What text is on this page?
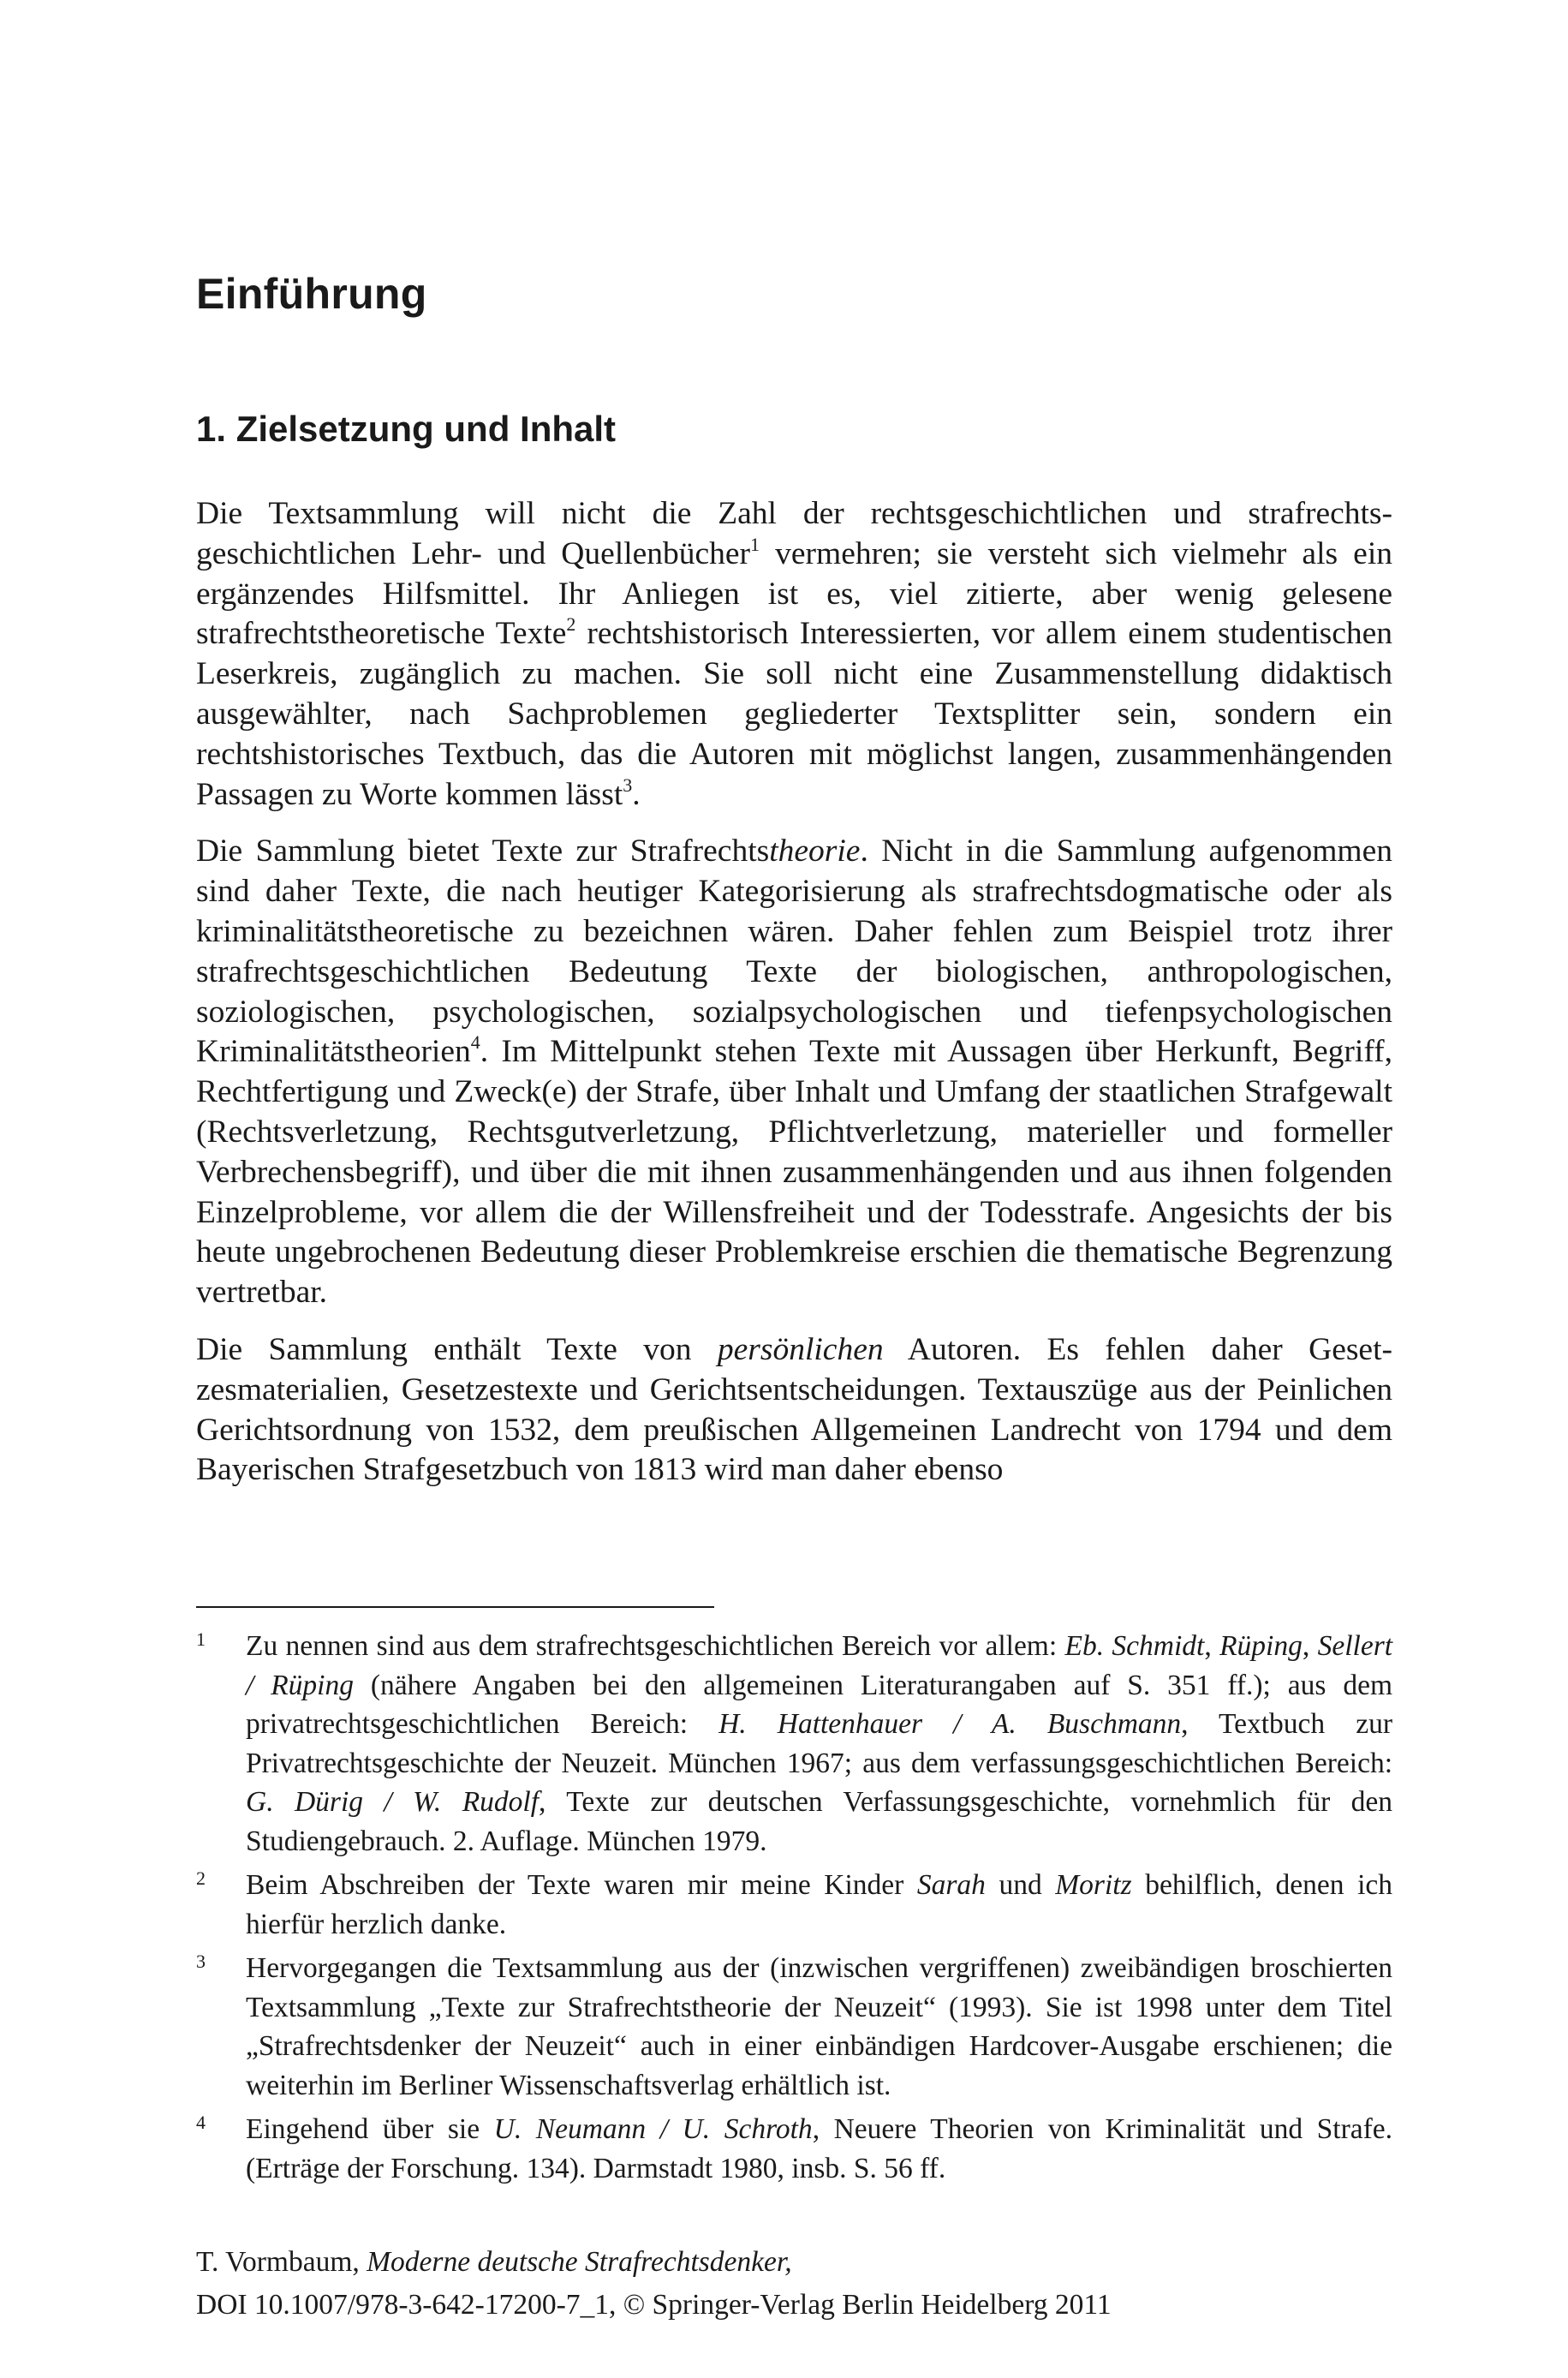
Einführung
1. Zielsetzung und Inhalt

Die Textsammlung will nicht die Zahl der rechtsgeschichtlichen und strafrechtsgeschichtlichen Lehr- und Quellenbücher$^1$ vermehren; sie versteht sich vielmehr als ein ergänzendes Hilfsmittel. Ihr Anliegen ist es, viel zitierte, aber wenig gelesene strafrechtstheoretische Texte$^2$ rechtshistorisch Interessierten, vor allem einem studentischen Leserkreis, zugänglich zu machen. Sie soll nicht eine Zusammenstellung didaktisch ausgewählter, nach Sachproblemen gegliederter Textsplitter sein, sondern ein rechtshistorisches Textbuch, das die Autoren mit möglichst langen, zusammenhängenden Passagen zu Worte kommen lässt$^3$.

Die Sammlung bietet Texte zur Strafrechtstheorie. Nicht in die Sammlung aufgenommen sind daher Texte, die nach heutiger Kategorisierung als strafrechtsdogmatische oder als kriminalitätstheoretische zu bezeichnen wären. Daher fehlen zum Beispiel trotz ihrer strafrechtsgeschichtlichen Bedeutung Texte der biologischen, anthropologischen, soziologischen, psychologischen, sozialpsychologischen und tiefenpsychologischen Kriminalitätstheorien$^4$. Im Mittelpunkt stehen Texte mit Aussagen über Herkunft, Begriff, Rechtfertigung und Zweck(e) der Strafe, über Inhalt und Umfang der staatlichen Strafgewalt (Rechtsverletzung, Rechtsgutverletzung, Pflichtverletzung, materieller und formeller Verbrechensbegriff), und über die mit ihnen zusammenhängenden und aus ihnen folgenden Einzelprobleme, vor allem die der Willensfreiheit und der Todesstrafe. Angesichts der bis heute ungebrochenen Bedeutung dieser Problemkreise erschien die thematische Begrenzung vertretbar.

Die Sammlung enthält Texte von persönlichen Autoren. Es fehlen daher Gesetzesmaterialien, Gesetzestexte und Gerichtsentscheidungen. Textauszüge aus der Peinlichen Gerichtsordnung von 1532, dem preußischen Allgemeinen Landrecht von 1794 und dem Bayerischen Strafgesetzbuch von 1813 wird man daher ebenso

1	Zu nennen sind aus dem strafrechtsgeschichtlichen Bereich vor allem: Eb. Schmidt, Rüping, Sellert / Rüping (nähere Angaben bei den allgemeinen Literaturangaben auf S. 351 ff.); aus dem privatrechtsgeschichtlichen Bereich: H. Hattenhauer / A. Buschmann, Textbuch zur Privatrechtsgeschichte der Neuzeit. München 1967; aus dem verfassungsgeschichtlichen Bereich: G. Dürig / W. Rudolf, Texte zur deutschen Verfassungsgeschichte, vornehmlich für den Studiengebrauch. 2. Auflage. München 1979.
2	Beim Abschreiben der Texte waren mir meine Kinder Sarah und Moritz behilflich, denen ich hierfür herzlich danke.
3	Hervorgegangen die Textsammlung aus der (inzwischen vergriffenen) zweibändigen broschierten Textsammlung „Texte zur Strafrechtstheorie der Neuzeit“ (1993). Sie ist 1998 unter dem Titel „Strafrechtsdenker der Neuzeit“ auch in einer einbändigen Hardcover-Ausgabe erschienen; die weiterhin im Berliner Wissenschaftsverlag erhältlich ist.
4	Eingehend über sie U. Neumann / U. Schroth, Neuere Theorien von Kriminalität und Strafe. (Erträge der Forschung. 134). Darmstadt 1980, insb. S. 56 ff.
T. Vormbaum, Moderne deutsche Strafrechtsdenker,
DOI 10.1007/978-3-642-17200-7_1, © Springer-Verlag Berlin Heidelberg 2011
